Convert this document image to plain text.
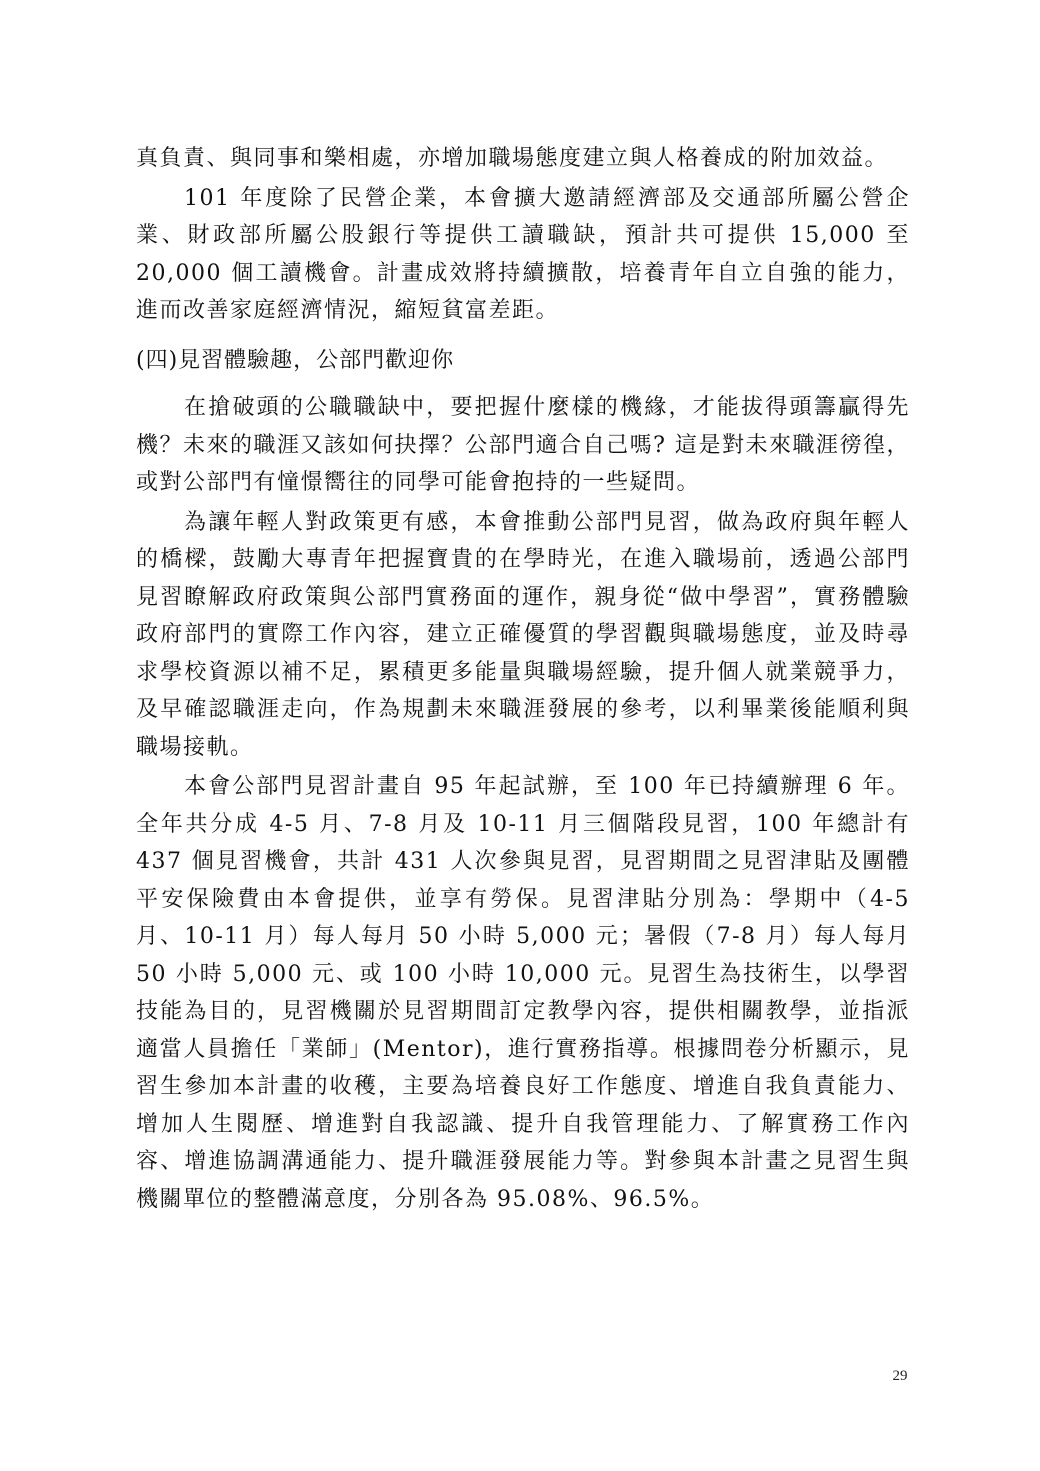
真負責、與同事和樂相處，亦增加職場態度建立與人格養成的附加效益。

101 年度除了民營企業，本會擴大邀請經濟部及交通部所屬公營企業、財政部所屬公股銀行等提供工讀職缺，預計共可提供 15,000 至 20,000 個工讀機會。計畫成效將持續擴散，培養青年自立自強的能力，進而改善家庭經濟情況，縮短貧富差距。

(四)見習體驗趣，公部門歡迎你

在搶破頭的公職職缺中，要把握什麼樣的機緣，才能拔得頭籌贏得先機？未來的職涯又該如何抉擇？公部門適合自己嗎? 這是對未來職涯徬徨，或對公部門有憧憬嚮往的同學可能會抱持的一些疑問。

為讓年輕人對政策更有感，本會推動公部門見習，做為政府與年輕人的橋樑，鼓勵大專青年把握寶貴的在學時光，在進入職場前，透過公部門見習瞭解政府政策與公部門實務面的運作，親身從“做中學習”，實務體驗政府部門的實際工作內容，建立正確優質的學習觀與職場態度，並及時尋求學校資源以補不足，累積更多能量與職場經驗，提升個人就業競爭力，及早確認職涯走向，作為規劃未來職涯發展的參考，以利畢業後能順利與職場接軌。

本會公部門見習計畫自 95 年起試辦，至 100 年已持續辦理 6 年。全年共分成 4-5 月、7-8 月及 10-11 月三個階段見習，100 年總計有 437 個見習機會，共計 431 人次參與見習，見習期間之見習津貼及團體平安保險費由本會提供，並享有勞保。見習津貼分別為：學期中（4-5 月、10-11 月）每人每月 50 小時 5,000 元；暑假（7-8 月）每人每月 50 小時 5,000 元、或 100 小時 10,000 元。見習生為技術生，以學習技能為目的，見習機關於見習期間訂定教學內容，提供相關教學，並指派適當人員擔任「業師」(Mentor)，進行實務指導。根據問卷分析顯示，見習生參加本計畫的收穫，主要為培養良好工作態度、增進自我負責能力、增加人生閱歷、增進對自我認識、提升自我管理能力、了解實務工作內容、增進協調溝通能力、提升職涯發展能力等。對參與本計畫之見習生與機關單位的整體滿意度，分別各為 95.08%、96.5%。

29
